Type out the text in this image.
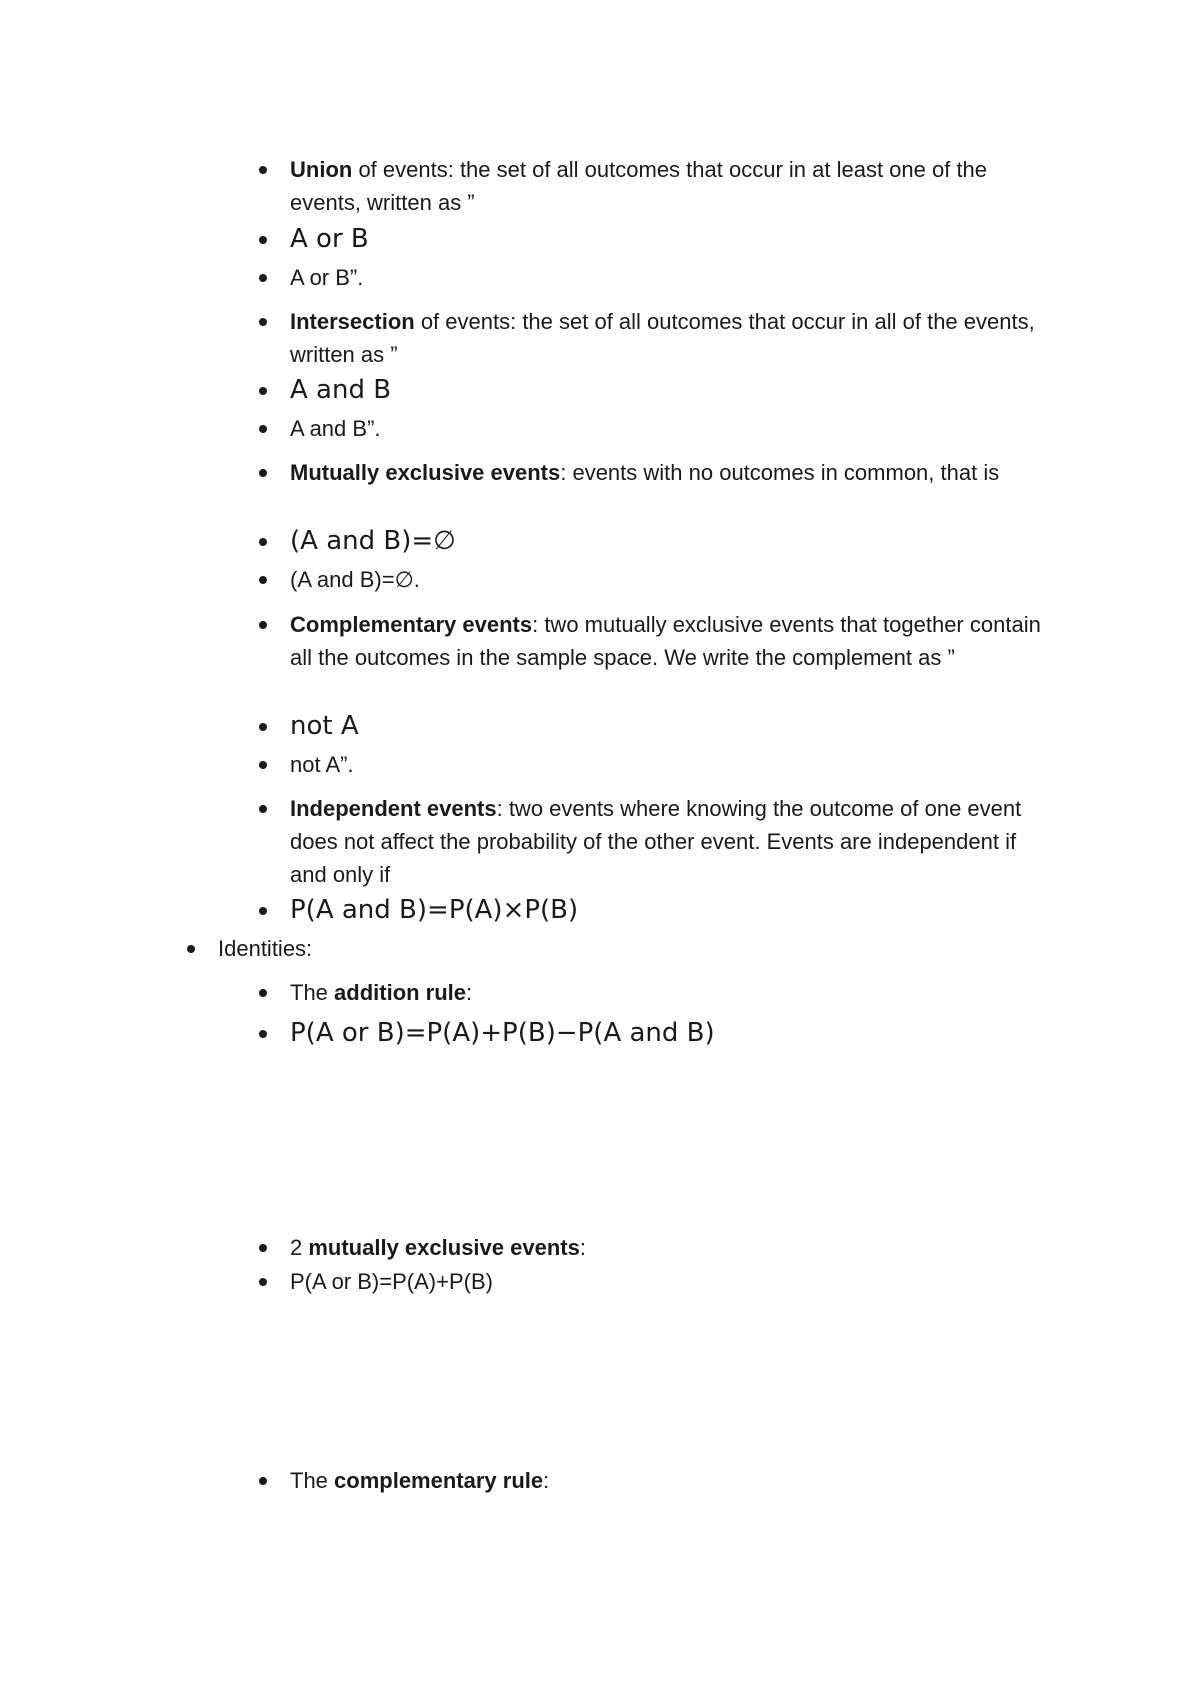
Union of events: the set of all outcomes that occur in at least one of the events, written as ”
A or B
A or B”.
Intersection of events: the set of all outcomes that occur in all of the events, written as ”
A and B
A and B”.
Mutually exclusive events: events with no outcomes in common, that is
(A and B)=∅
(A and B)=∅.
Complementary events: two mutually exclusive events that together contain all the outcomes in the sample space. We write the complement as ”
not A
not A”.
Independent events: two events where knowing the outcome of one event does not affect the probability of the other event. Events are independent if and only if
P(A and B)=P(A)×P(B)
Identities:
The addition rule:
P(A or B)=P(A)+P(B)−P(A and B)
2 mutually exclusive events:
P(A or B)=P(A)+P(B)
The complementary rule:
